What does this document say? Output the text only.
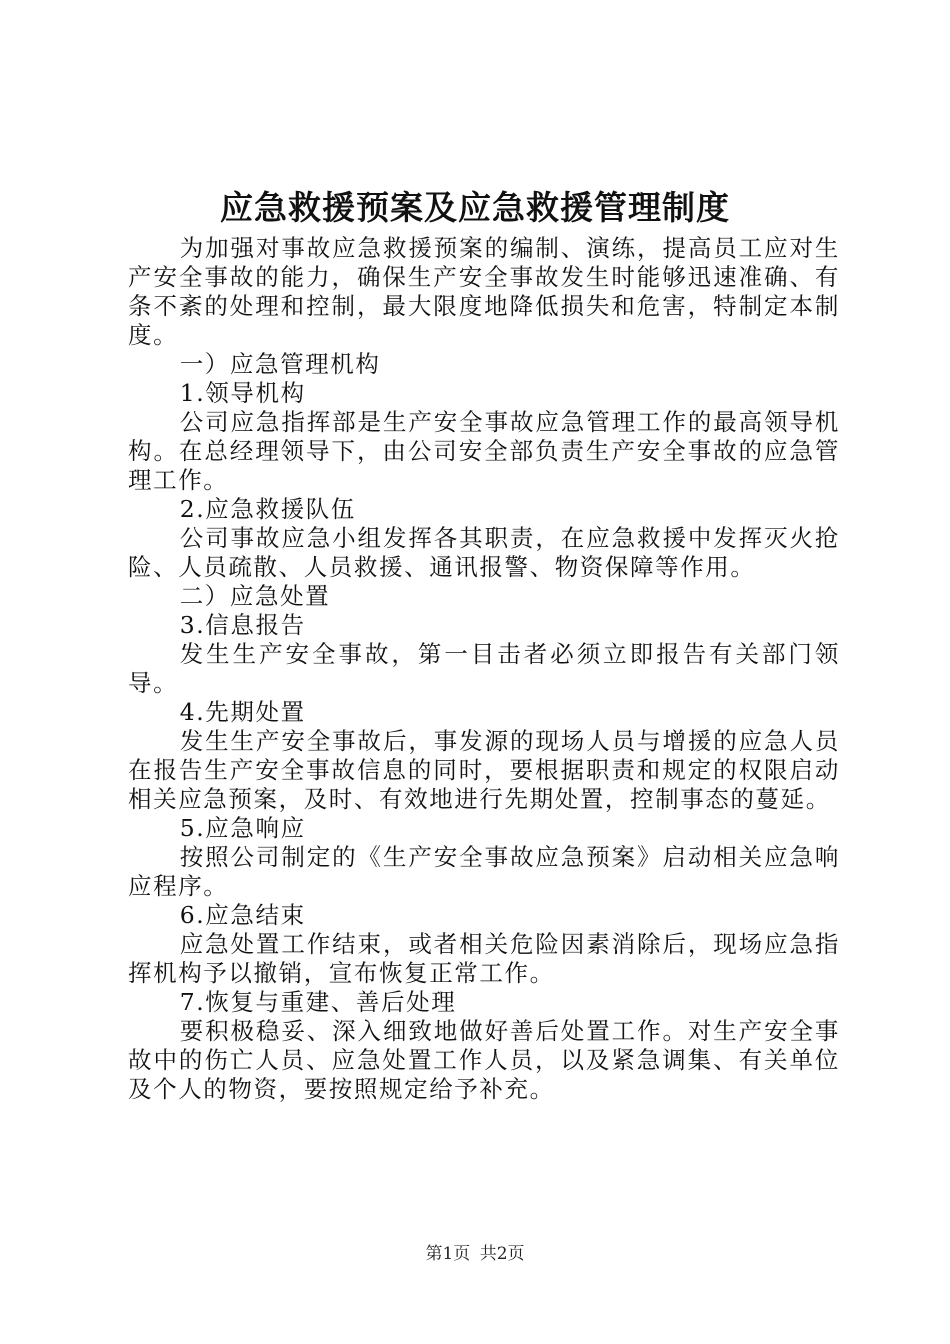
应急救援预案及应急救援管理制度

为加强对事故应急救援预案的编制、演练，提高员工应对生产安全事故的能力，确保生产安全事故发生时能够迅速准确、有条不紊的处理和控制，最大限度地降低损失和危害，特制定本制度。

一）应急管理机构

1.领导机构

公司应急指挥部是生产安全事故应急管理工作的最高领导机构。在总经理领导下，由公司安全部负责生产安全事故的应急管理工作。

2.应急救援队伍

公司事故应急小组发挥各其职责，在应急救援中发挥灭火抢险、人员疏散、人员救援、通讯报警、物资保障等作用。

二）应急处置

3.信息报告

发生生产安全事故，第一目击者必须立即报告有关部门领导。

4.先期处置

发生生产安全事故后，事发源的现场人员与增援的应急人员在报告生产安全事故信息的同时，要根据职责和规定的权限启动相关应急预案，及时、有效地进行先期处置，控制事态的蔓延。

5.应急响应

按照公司制定的《生产安全事故应急预案》启动相关应急响应程序。

6.应急结束

应急处置工作结束，或者相关危险因素消除后，现场应急指挥机构予以撤销，宣布恢复正常工作。

7.恢复与重建、善后处理

要积极稳妥、深入细致地做好善后处置工作。对生产安全事故中的伤亡人员、应急处置工作人员，以及紧急调集、有关单位及个人的物资，要按照规定给予补充。

第1页 共2页
